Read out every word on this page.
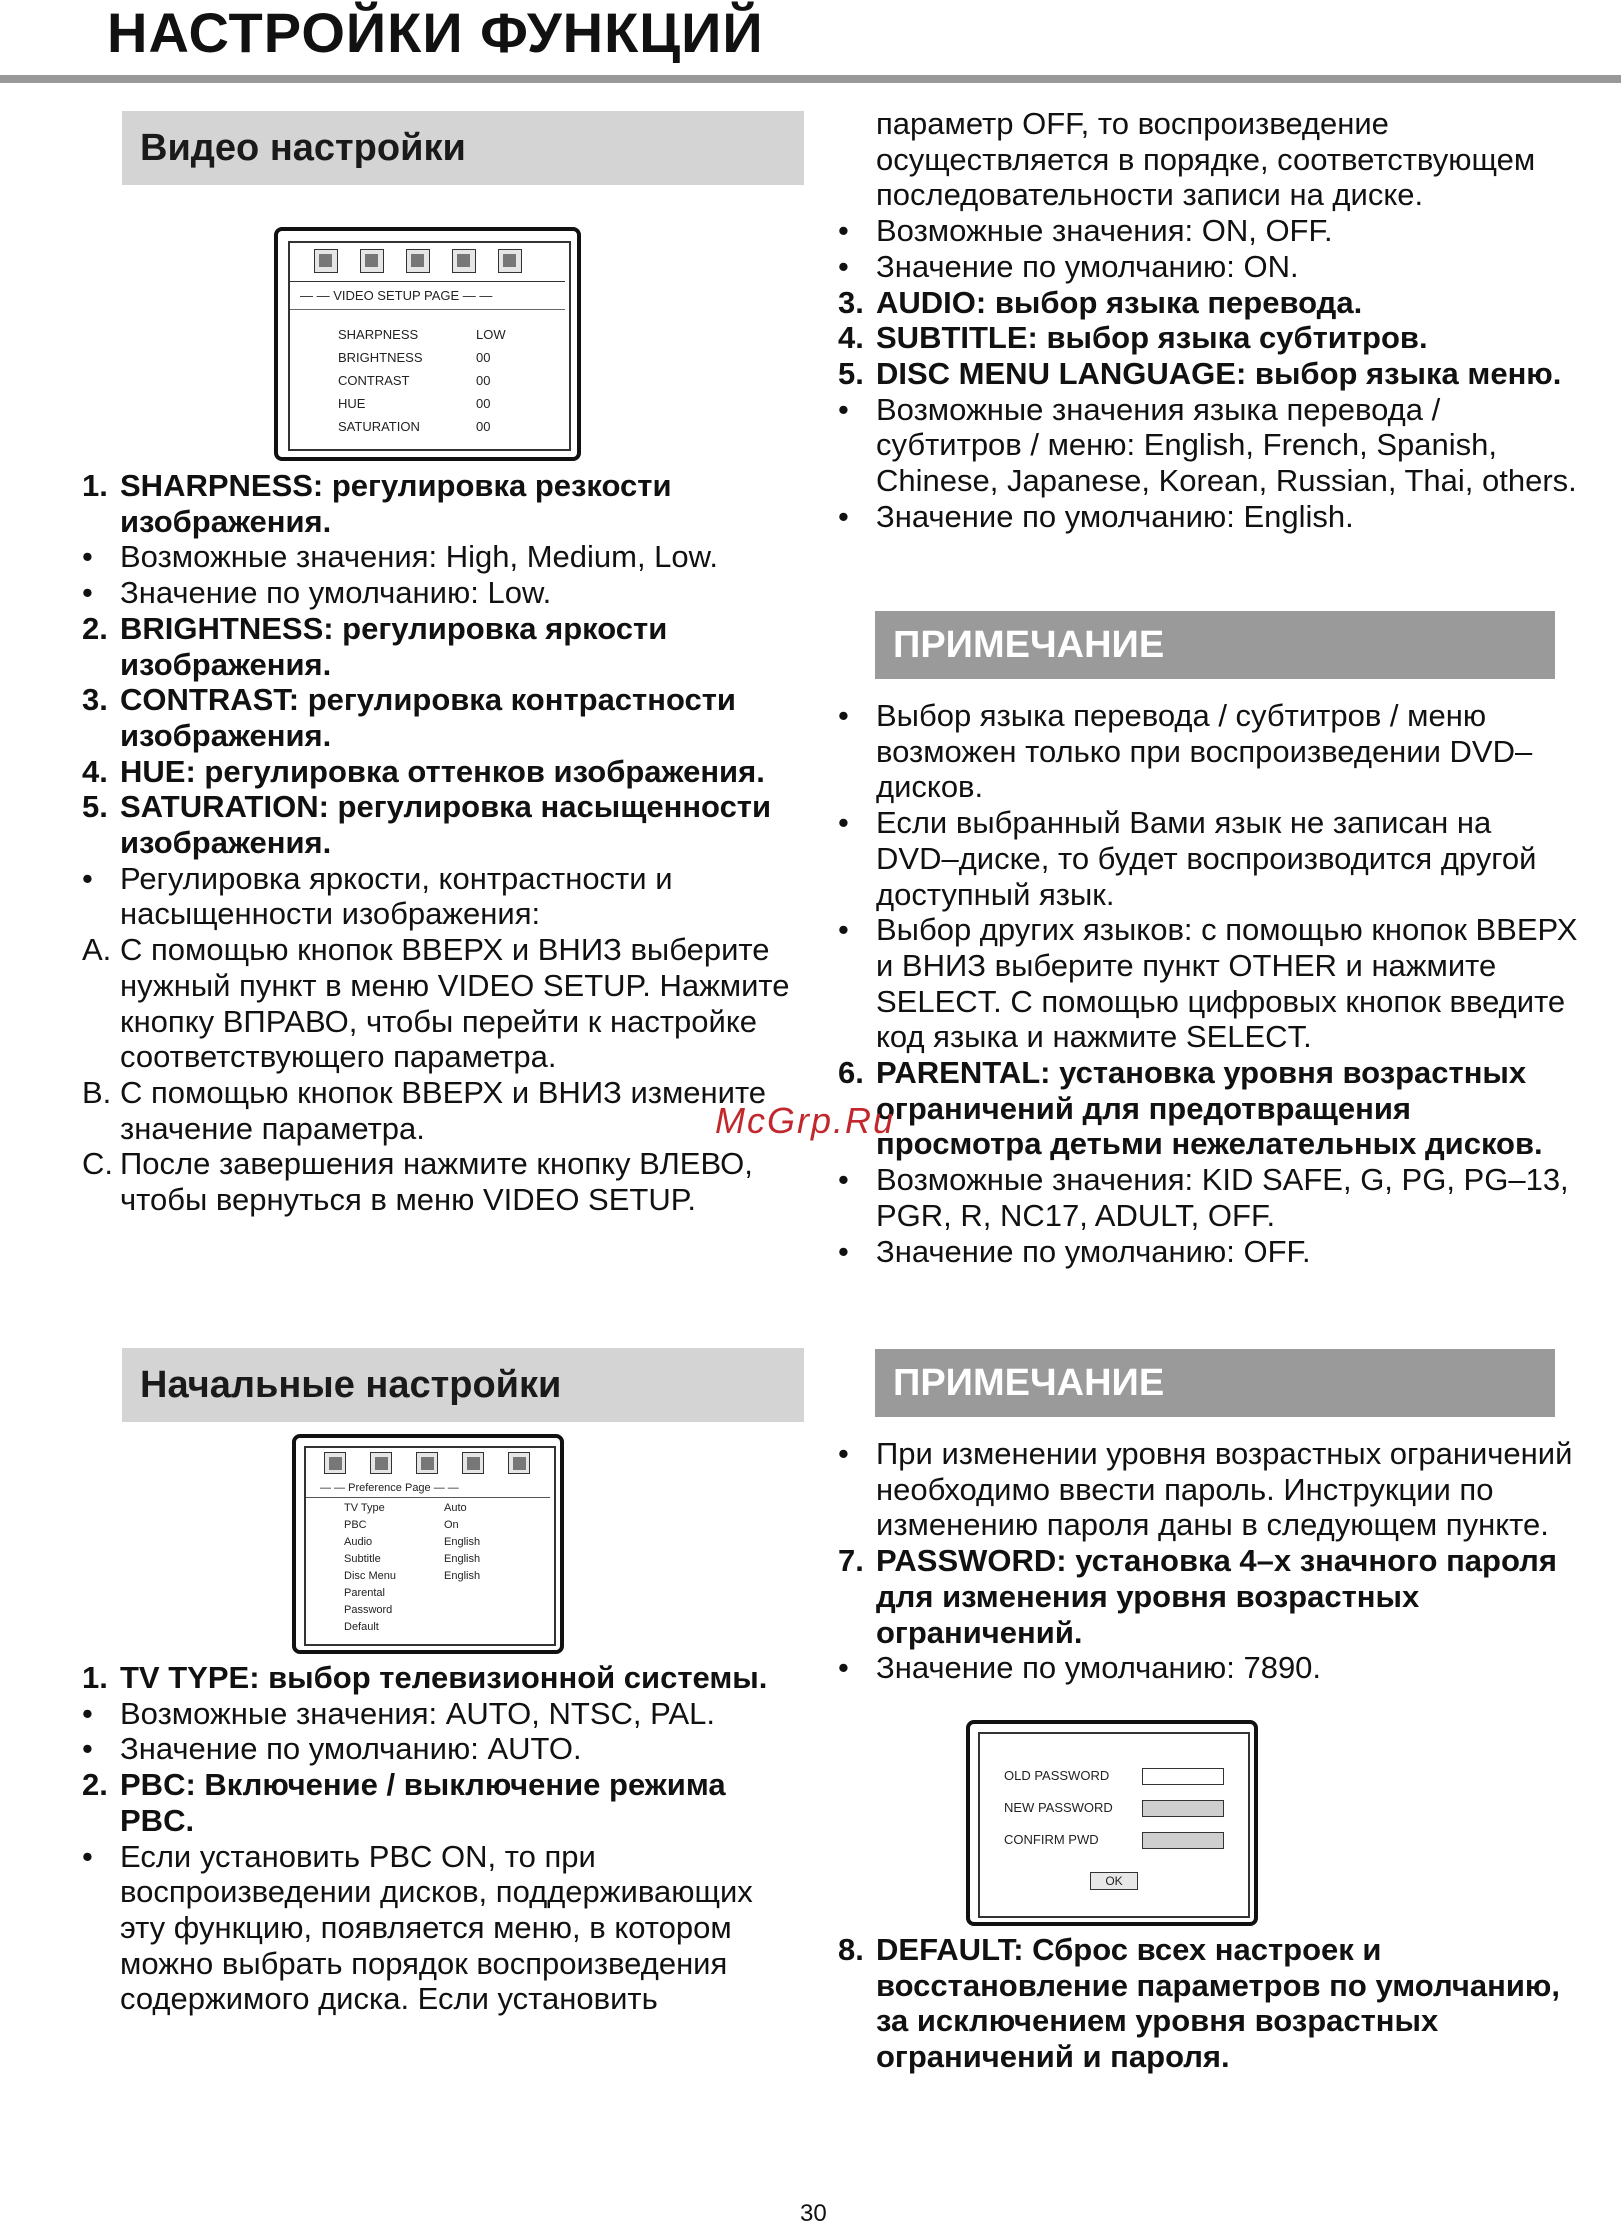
НАСТРОЙКИ ФУНКЦИЙ
Видео настройки
— — VIDEO SETUP PAGE — —
SHARPNESS	LOW
BRIGHTNESS	00
CONTRAST	00
HUE	00
SATURATION	00
1. SHARPNESS: регулировка резкости изображения.
• Возможные значения: High, Medium, Low.
• Значение по умолчанию: Low.
2. BRIGHTNESS: регулировка яркости изображения.
3. CONTRAST: регулировка контрастности изображения.
4. HUE: регулировка оттенков изображения.
5. SATURATION: регулировка насыщенности изображения.
• Регулировка яркости, контрастности и насыщенности изображения:
A. С помощью кнопок ВВЕРХ и ВНИЗ выберите нужный пункт в меню VIDEO SETUP. Нажмите кнопку ВПРАВО, чтобы перейти к настройке соответствующего параметра.
B. С помощью кнопок ВВЕРХ и ВНИЗ измените значение параметра.
C. После завершения нажмите кнопку ВЛЕВО, чтобы вернуться в меню VIDEO SETUP.
Начальные настройки
— — Preference Page — —
TV Type	Auto
PBC	On
Audio	English
Subtitle	English
Disc Menu	English
Parental
Password
Default
1. TV TYPE: выбор телевизионной системы.
• Возможные значения: AUTO, NTSC, PAL.
• Значение по умолчанию: AUTO.
2. PBC: Включение / выключение режима PBC.
• Если установить PBC ON, то при воспроизведении дисков, поддерживающих эту функцию, появляется меню, в котором можно выбрать порядок воспроизведения содержимого диска. Если установить
параметр OFF, то воспроизведение осуществляется в порядке, соответствующем последовательности записи на диске.
• Возможные значения: ON, OFF.
• Значение по умолчанию: ON.
3. AUDIO: выбор языка перевода.
4. SUBTITLE: выбор языка субтитров.
5. DISC MENU LANGUAGE: выбор языка меню.
• Возможные значения языка перевода / субтитров / меню: English, French, Spanish, Chinese, Japanese, Korean, Russian, Thai, others.
• Значение по умолчанию: English.
ПРИМЕЧАНИЕ
• Выбор языка перевода / субтитров / меню возможен только при воспроизведении DVD–дисков.
• Если выбранный Вами язык не записан на DVD–диске, то будет воспроизводится другой доступный язык.
• Выбор других языков: с помощью кнопок ВВЕРХ и ВНИЗ выберите пункт OTHER и нажмите SELECT. С помощью цифровых кнопок введите код языка и нажмите SELECT.
6. PARENTAL: установка уровня возрастных ограничений для предотвращения просмотра детьми нежелательных дисков.
• Возможные значения: KID SAFE, G, PG, PG–13, PGR, R, NC17, ADULT, OFF.
• Значение по умолчанию: OFF.
ПРИМЕЧАНИЕ
• При изменении уровня возрастных ограничений необходимо ввести пароль. Инструкции по изменению пароля даны в следующем пункте.
7. PASSWORD: установка 4–х значного пароля для изменения уровня возрастных ограничений.
• Значение по умолчанию: 7890.
OLD PASSWORD
NEW PASSWORD
CONFIRM PWD
OK
8. DEFAULT: Сброс всех настроек и восстановление параметров по умолчанию, за исключением уровня возрастных ограничений и пароля.
McGrp.Ru
30
